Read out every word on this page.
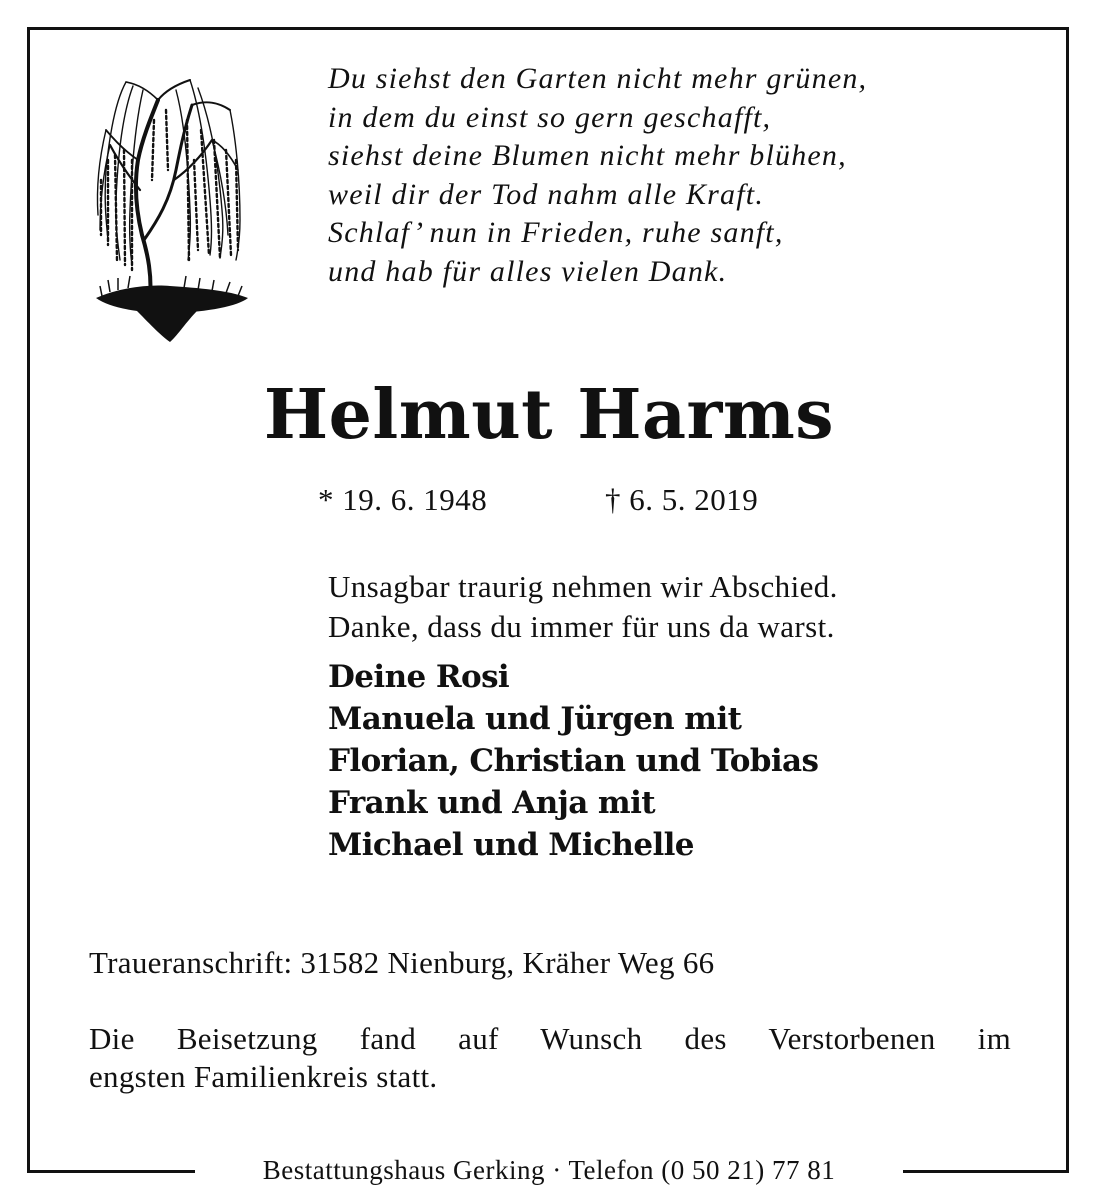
Bestattungshaus Gerking · Telefon (0 50 21) 77 81
Du siehst den Garten nicht mehr grünen,
in dem du einst so gern geschafft,
siehst deine Blumen nicht mehr blühen,
weil dir der Tod nahm alle Kraft.
Schlaf’ nun in Frieden, ruhe sanft,
und hab für alles vielen Dank.
Helmut Harms
* 19. 6. 1948	† 6. 5. 2019
Unsagbar traurig nehmen wir Abschied.
Danke, dass du immer für uns da warst.
Deine Rosi
Manuela und Jürgen mit
Florian, Christian und Tobias
Frank und Anja mit
Michael und Michelle
Traueranschrift: 31582 Nienburg, Kräher Weg 66
Die Beisetzung fand auf Wunsch des Verstorbenen im
engsten Familienkreis statt.
